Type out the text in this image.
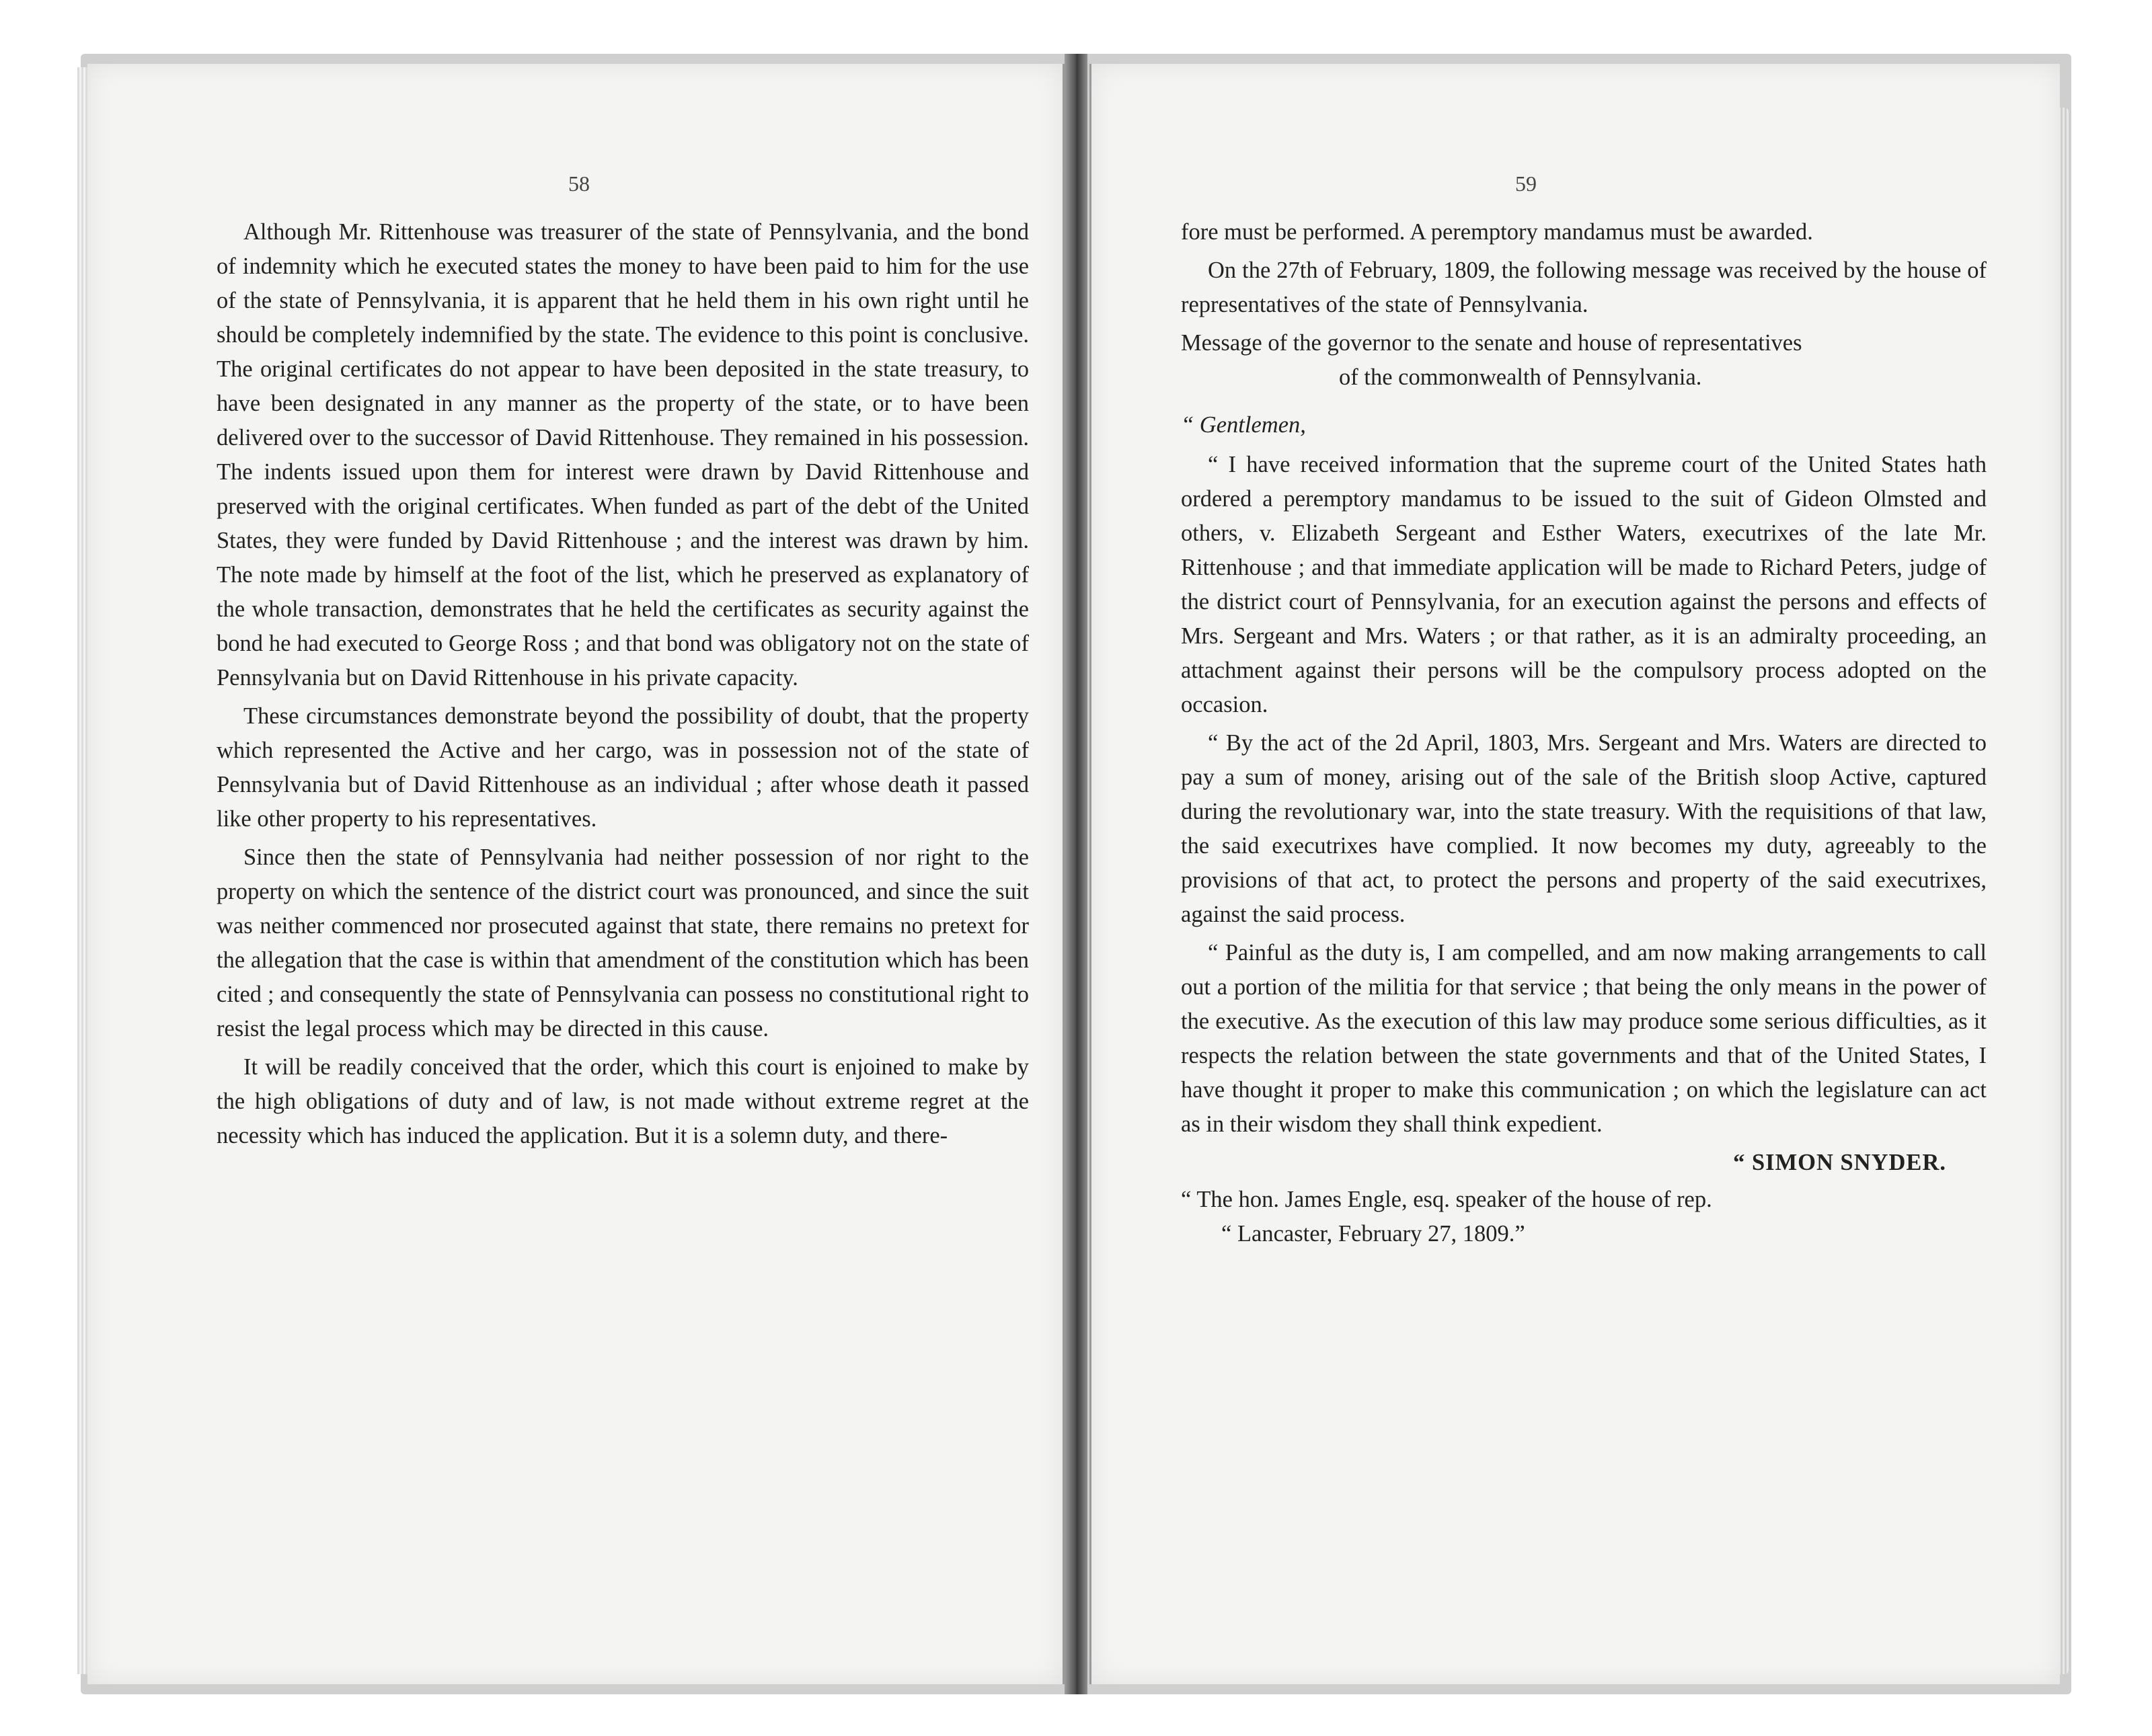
58

Although Mr. Rittenhouse was treasurer of the state of Pennsylvania, and the bond of indemnity which he executed states the money to have been paid to him for the use of the state of Pennsylvania, it is apparent that he held them in his own right until he should be completely indemnified by the state. The evidence to this point is conclusive. The original certificates do not appear to have been deposited in the state treasury, to have been designated in any manner as the property of the state, or to have been delivered over to the successor of David Rittenhouse. They remained in his possession. The indents issued upon them for interest were drawn by David Rittenhouse and preserved with the original certificates. When funded as part of the debt of the United States, they were funded by David Rittenhouse ; and the interest was drawn by him. The note made by himself at the foot of the list, which he preserved as explanatory of the whole transaction, demonstrates that he held the certificates as security against the bond he had executed to George Ross ; and that bond was obligatory not on the state of Pennsylvania but on David Rittenhouse in his private capacity.

These circumstances demonstrate beyond the possibility of doubt, that the property which represented the Active and her cargo, was in possession not of the state of Pennsylvania but of David Rittenhouse as an individual ; after whose death it passed like other property to his representatives.

Since then the state of Pennsylvania had neither possession of nor right to the property on which the sentence of the district court was pronounced, and since the suit was neither commenced nor prosecuted against that state, there remains no pretext for the allegation that the case is within that amendment of the constitution which has been cited ; and consequently the state of Pennsylvania can possess no constitutional right to resist the legal process which may be directed in this cause.

It will be readily conceived that the order, which this court is enjoined to make by the high obligations of duty and of law, is not made without extreme regret at the necessity which has induced the application. But it is a solemn duty, and there-

59

fore must be performed. A peremptory mandamus must be awarded.

On the 27th of February, 1809, the following message was received by the house of representatives of the state of Pennsylvania.

Message of the governor to the senate and house of representatives
of the commonwealth of Pennsylvania.

“ Gentlemen,

“ I have received information that the supreme court of the United States hath ordered a peremptory mandamus to be issued to the suit of Gideon Olmsted and others, v. Elizabeth Sergeant and Esther Waters, executrixes of the late Mr. Rittenhouse ; and that immediate application will be made to Richard Peters, judge of the district court of Pennsylvania, for an execution against the persons and effects of Mrs. Sergeant and Mrs. Waters ; or that rather, as it is an admiralty proceeding, an attachment against their persons will be the compulsory process adopted on the occasion.

“ By the act of the 2d April, 1803, Mrs. Sergeant and Mrs. Waters are directed to pay a sum of money, arising out of the sale of the British sloop Active, captured during the revolutionary war, into the state treasury. With the requisitions of that law, the said executrixes have complied. It now becomes my duty, agreeably to the provisions of that act, to protect the persons and property of the said executrixes, against the said process.

“ Painful as the duty is, I am compelled, and am now making arrangements to call out a portion of the militia for that service ; that being the only means in the power of the executive. As the execution of this law may produce some serious difficulties, as it respects the relation between the state governments and that of the United States, I have thought it proper to make this communication ; on which the legislature can act as in their wisdom they shall think expedient.

“ SIMON SNYDER.

“ The hon. James Engle, esq. speaker of the house of rep.

“ Lancaster, February 27, 1809.”
